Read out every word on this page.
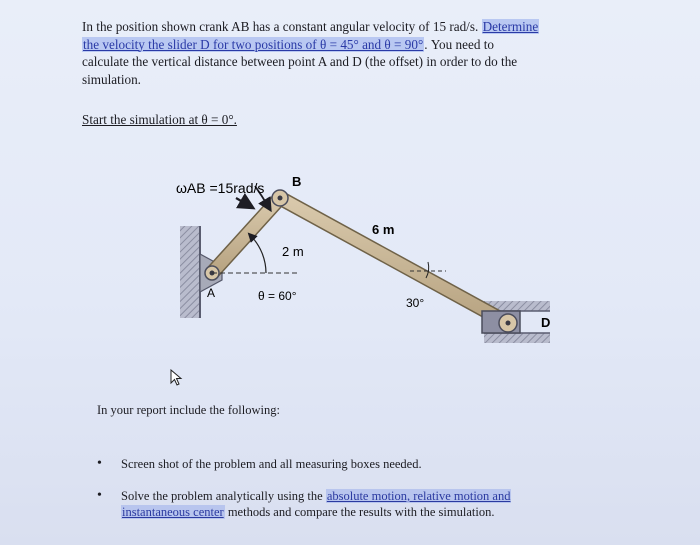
In the position shown crank AB has a constant angular velocity of 15 rad/s. Determine
the velocity the slider D for two positions of θ = 45° and θ = 90°. You need to
calculate the vertical distance between point A and D (the offset) in order to do the
simulation.
Start the simulation at θ = 0°.
ωAB =15rad/s B
A
D
2 m
6 m
θ = 60°	30°
In your report include the following:
• Screen shot of the problem and all measuring boxes needed.
• Solve the problem analytically using the absolute motion, relative motion and
instantaneous center methods and compare the results with the simulation.
